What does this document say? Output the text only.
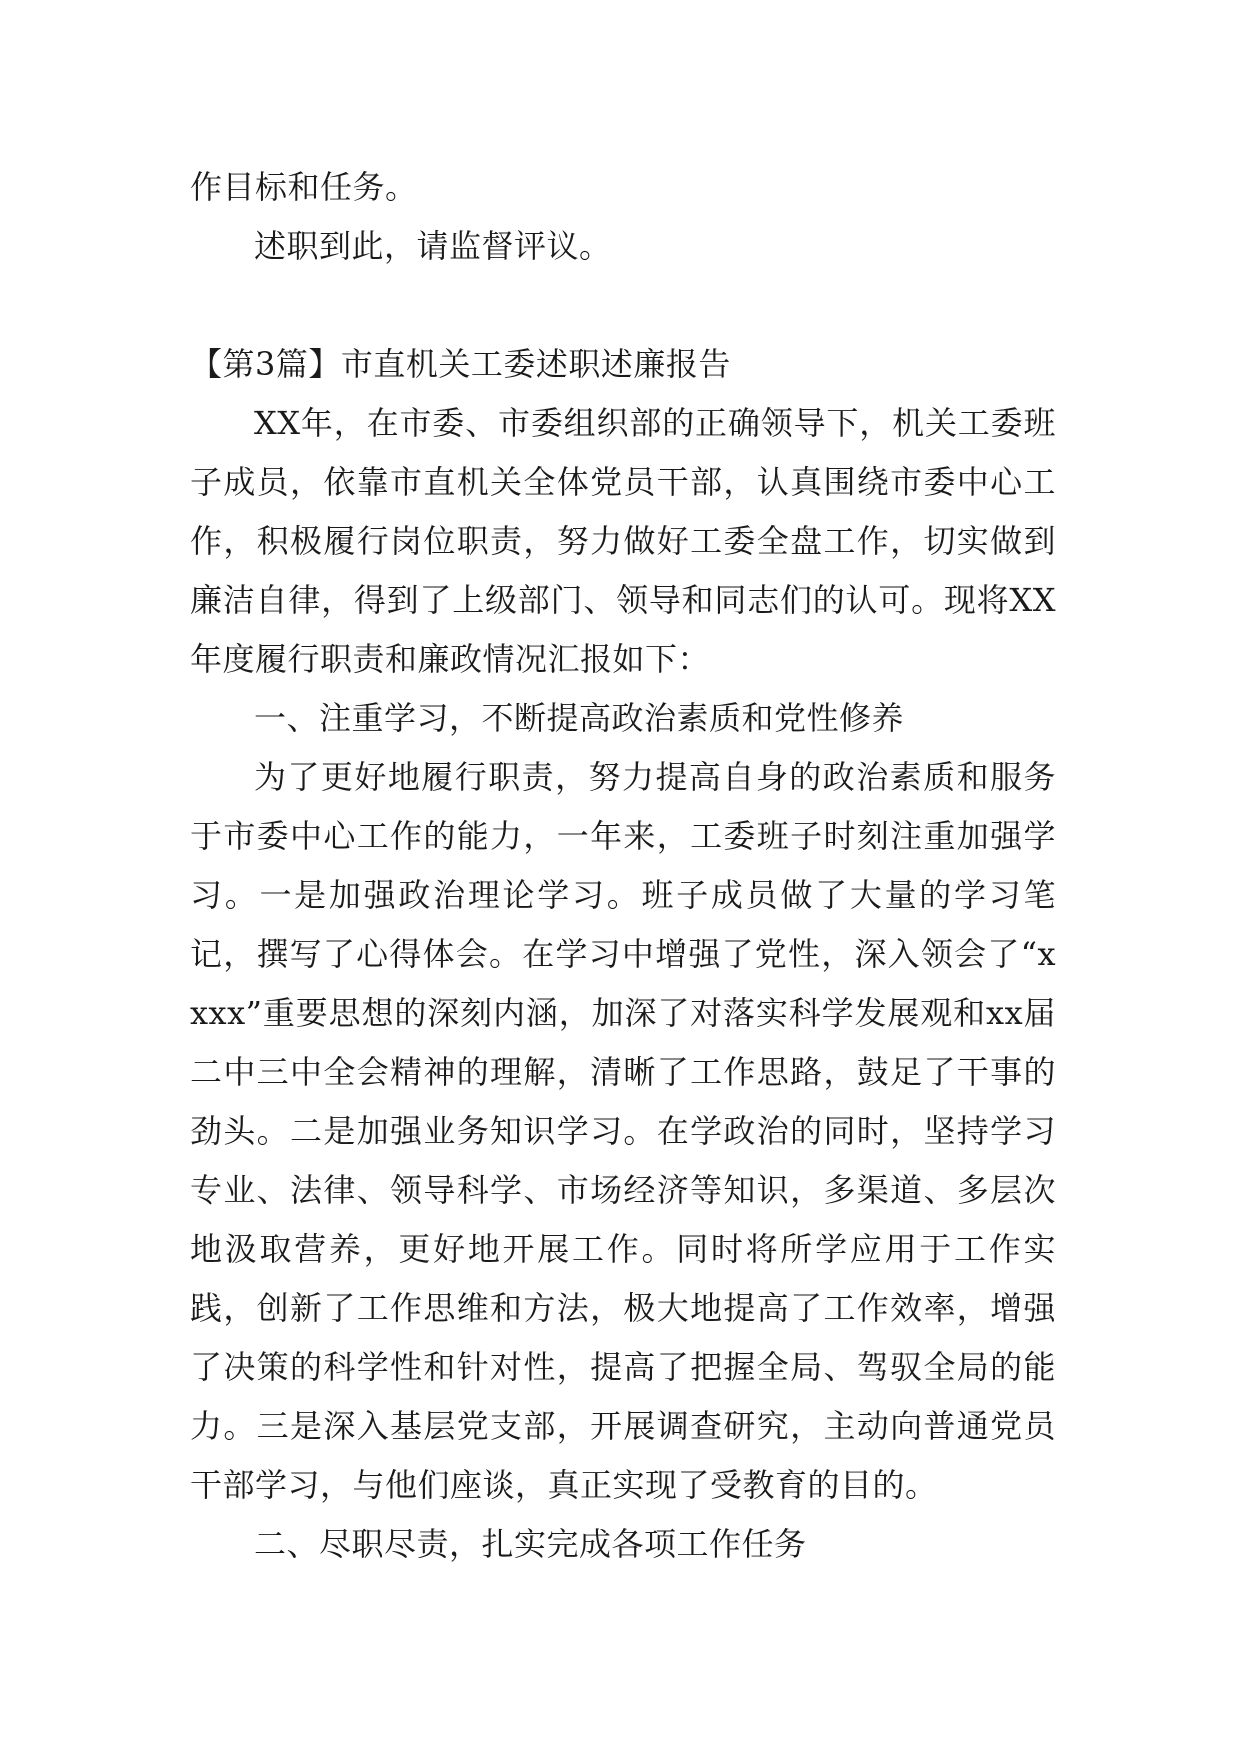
作目标和任务。

述职到此，请监督评议。

【第3篇】市直机关工委述职述廉报告

XX年，在市委、市委组织部的正确领导下，机关工委班子成员，依靠市直机关全体党员干部，认真围绕市委中心工作，积极履行岗位职责，努力做好工委全盘工作，切实做到廉洁自律，得到了上级部门、领导和同志们的认可。现将XX年度履行职责和廉政情况汇报如下：

一、注重学习，不断提高政治素质和党性修养

为了更好地履行职责，努力提高自身的政治素质和服务于市委中心工作的能力，一年来，工委班子时刻注重加强学习。一是加强政治理论学习。班子成员做了大量的学习笔记，撰写了心得体会。在学习中增强了党性，深入领会了“xxxx”重要思想的深刻内涵，加深了对落实科学发展观和xx届二中三中全会精神的理解，清晰了工作思路，鼓足了干事的劲头。二是加强业务知识学习。在学政治的同时，坚持学习专业、法律、领导科学、市场经济等知识，多渠道、多层次地汲取营养，更好地开展工作。同时将所学应用于工作实践，创新了工作思维和方法，极大地提高了工作效率，增强了决策的科学性和针对性，提高了把握全局、驾驭全局的能力。三是深入基层党支部，开展调查研究，主动向普通党员干部学习，与他们座谈，真正实现了受教育的目的。

二、尽职尽责，扎实完成各项工作任务
